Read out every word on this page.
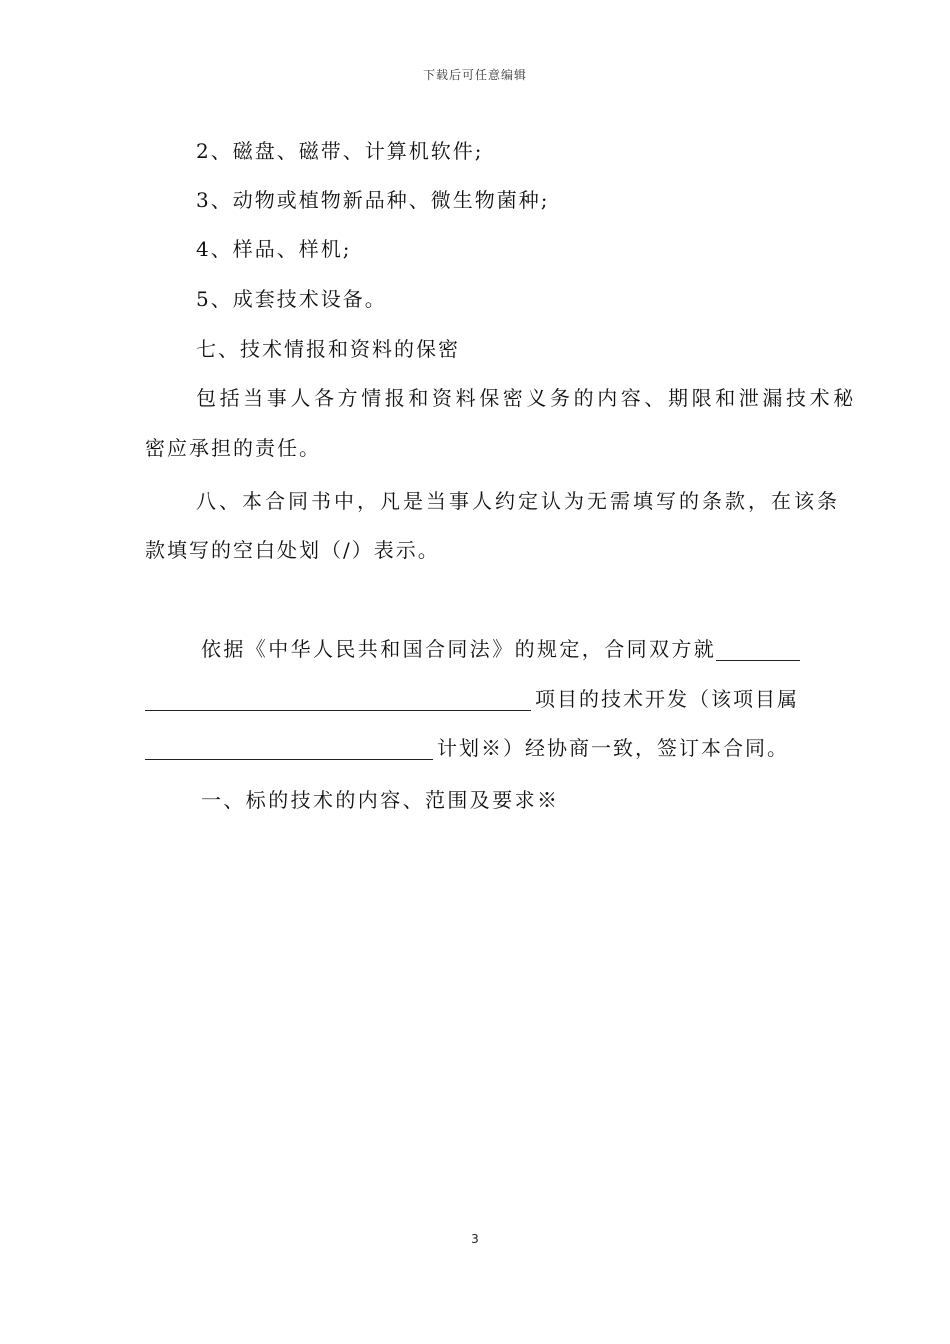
下载后可任意编辑
2、磁盘、磁带、计算机软件;
3、动物或植物新品种、微生物菌种;
4、样品、样机;
5、成套技术设备。
七、技术情报和资料的保密
包括当事人各方情报和资料保密义务的内容、期限和泄漏技术秘
密应承担的责任。
八、本合同书中，凡是当事人约定认为无需填写的条款，在该条
款填写的空白处划（/）表示。
依据《中华人民共和国合同法》的规定，合同双方就
项目的技术开发（该项目属
计划※）经协商一致，签订本合同。
一、标的技术的内容、范围及要求※
3
